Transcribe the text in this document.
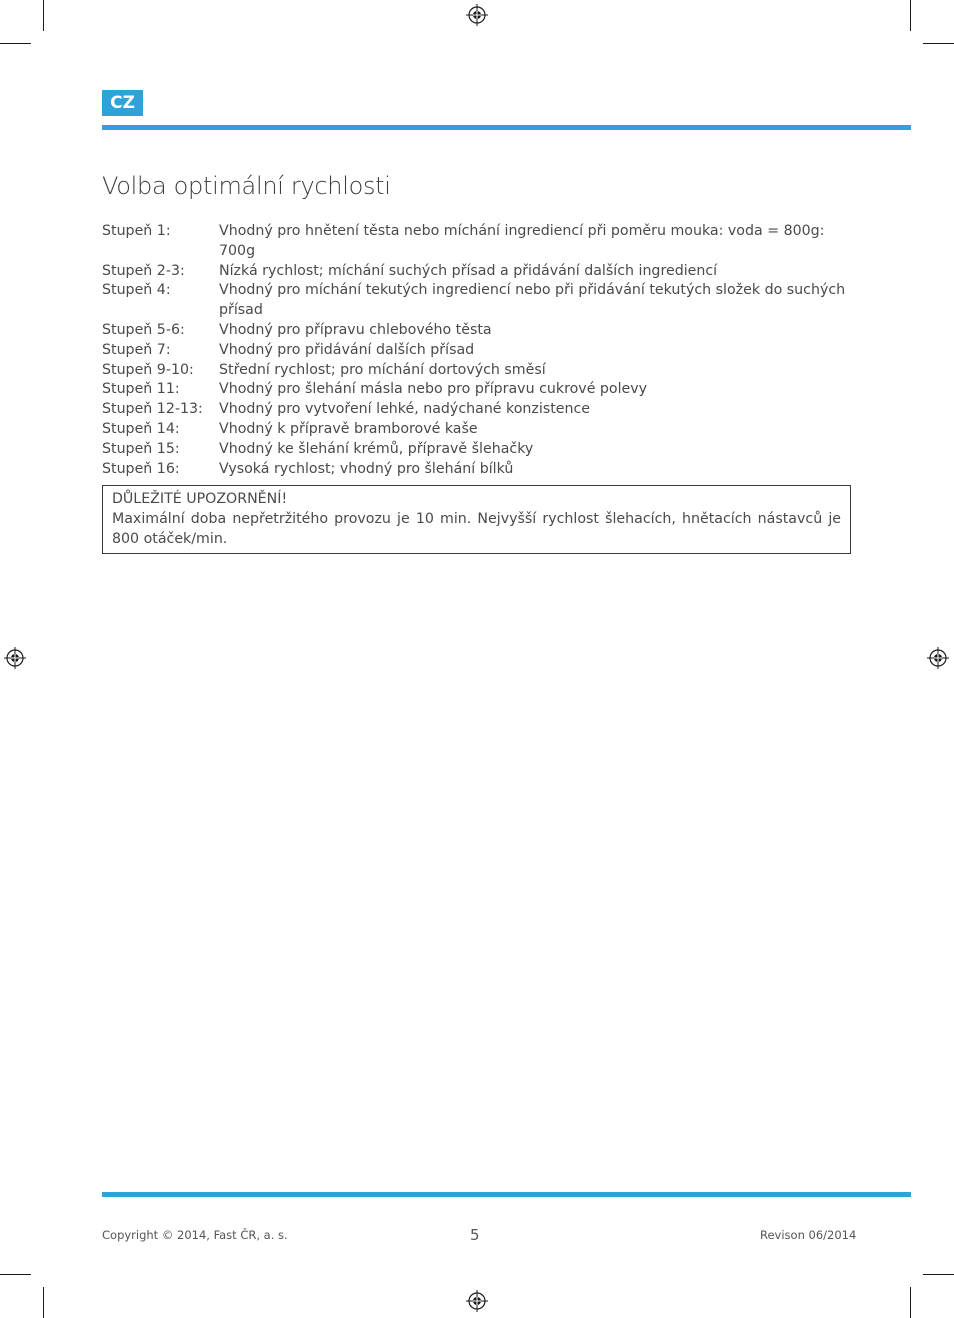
CZ
Volba optimální rychlosti
Stupeň 1:	Vhodný pro hnětení těsta nebo míchání ingrediencí při poměru mouka: voda = 800g: 700g
Stupeň 2-3:	Nízká rychlost; míchání suchých přísad a přidávání dalších ingrediencí
Stupeň 4:	Vhodný pro míchání tekutých ingrediencí nebo při přidávání tekutých složek do suchých přísad
Stupeň 5-6:	Vhodný pro přípravu chlebového těsta
Stupeň 7:	Vhodný pro přidávání dalších přísad
Stupeň 9-10:	Střední rychlost; pro míchání dortových směsí
Stupeň 11:	Vhodný pro šlehání másla nebo pro přípravu cukrové polevy
Stupeň 12-13:	Vhodný pro vytvoření lehké, nadýchané konzistence
Stupeň 14:	Vhodný k přípravě bramborové kaše
Stupeň 15:	Vhodný ke šlehání krémů, přípravě šlehačky
Stupeň 16:	Vysoká rychlost; vhodný pro šlehání bílků
DŮLEŽITÉ UPOZORNĚNÍ!
Maximální doba nepřetržitého provozu je 10 min. Nejvyšší rychlost šlehacích, hnětacích nástavců je 800 otáček/min.
Copyright © 2014, Fast ČR, a. s.	5	Revison 06/2014
